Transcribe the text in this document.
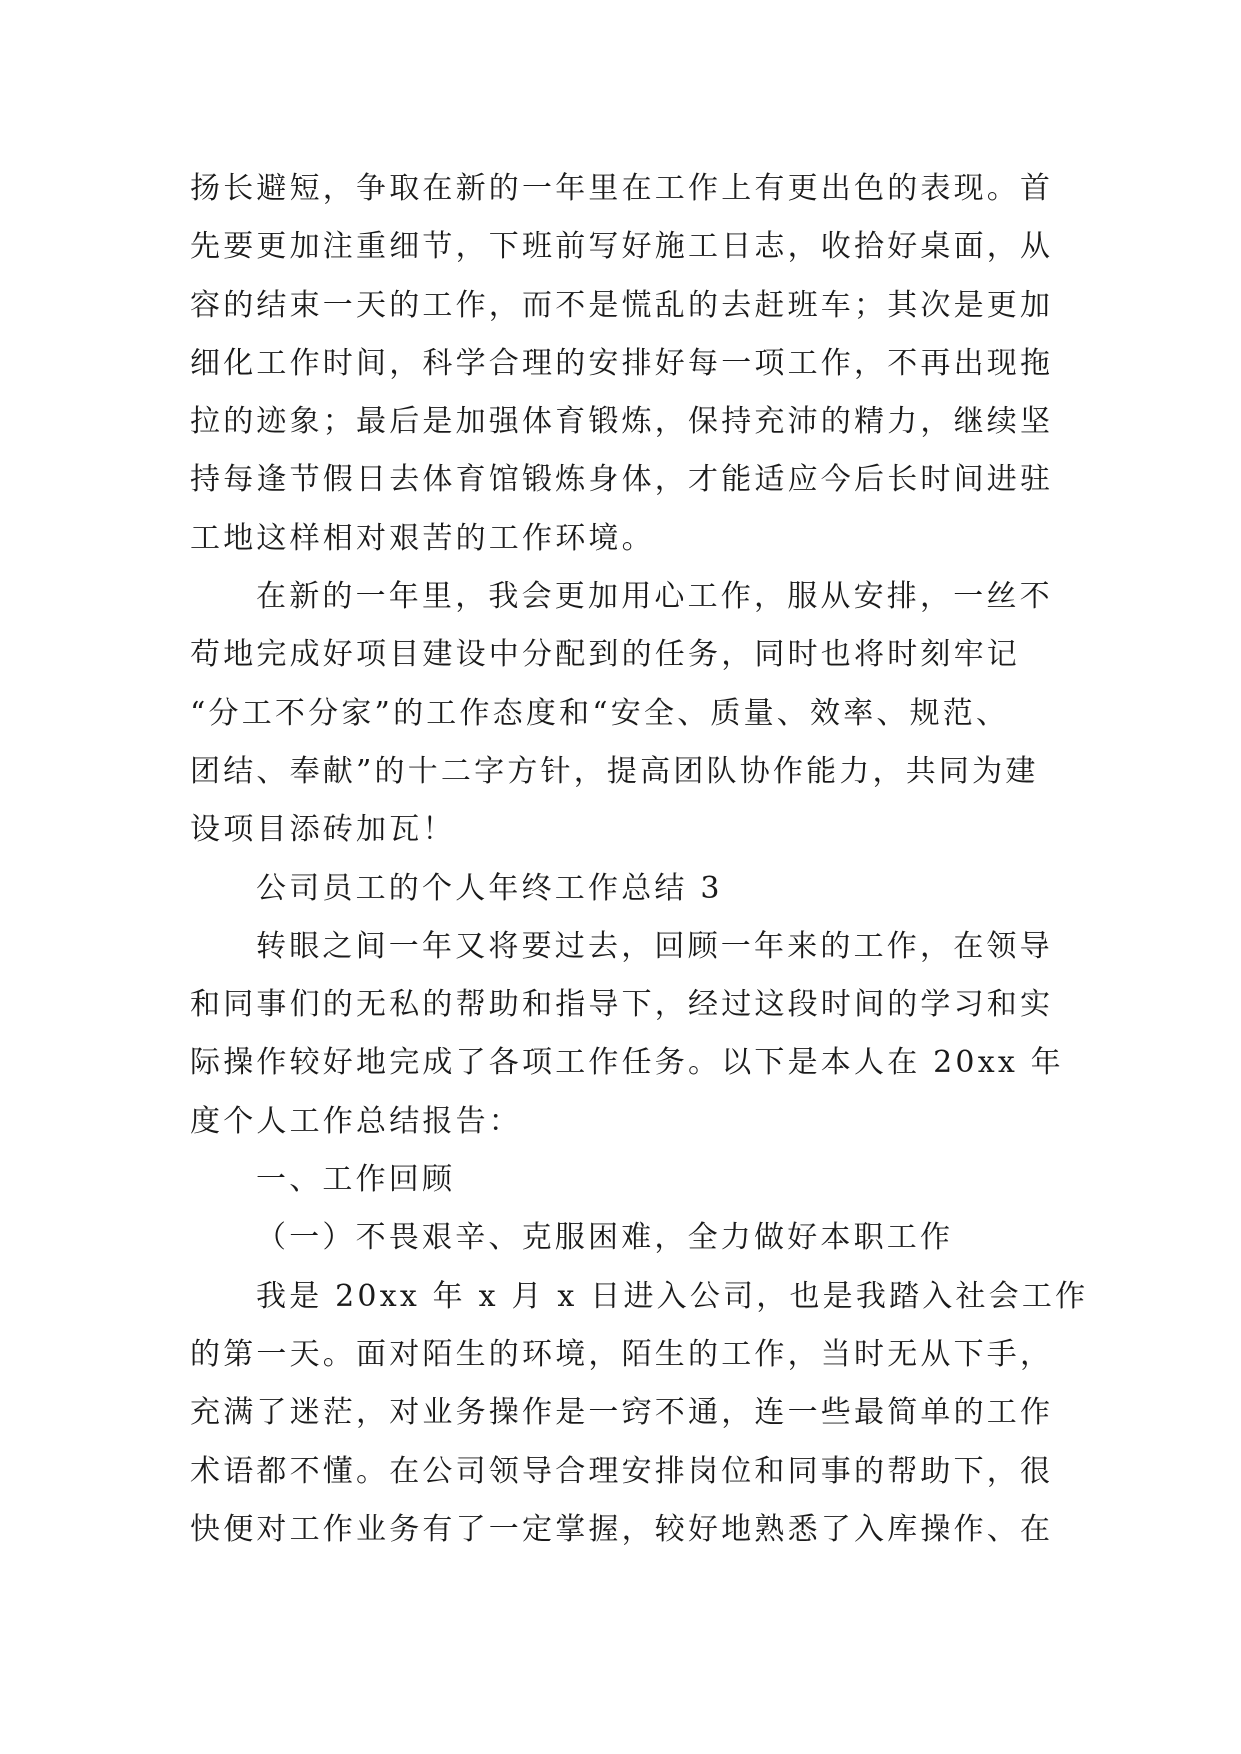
扬长避短，争取在新的一年里在工作上有更出色的表现。首
先要更加注重细节，下班前写好施工日志，收拾好桌面，从
容的结束一天的工作，而不是慌乱的去赶班车；其次是更加
细化工作时间，科学合理的安排好每一项工作，不再出现拖
拉的迹象；最后是加强体育锻炼，保持充沛的精力，继续坚
持每逢节假日去体育馆锻炼身体，才能适应今后长时间进驻
工地这样相对艰苦的工作环境。
在新的一年里，我会更加用心工作，服从安排，一丝不
苟地完成好项目建设中分配到的任务，同时也将时刻牢记
“分工不分家”的工作态度和“安全、质量、效率、规范、
团结、奉献”的十二字方针，提高团队协作能力，共同为建
设项目添砖加瓦！
公司员工的个人年终工作总结 3
转眼之间一年又将要过去，回顾一年来的工作，在领导
和同事们的无私的帮助和指导下，经过这段时间的学习和实
际操作较好地完成了各项工作任务。以下是本人在 20xx 年
度个人工作总结报告：
一、工作回顾
（一）不畏艰辛、克服困难，全力做好本职工作
我是 20xx 年 x 月 x 日进入公司，也是我踏入社会工作
的第一天。面对陌生的环境，陌生的工作，当时无从下手，
充满了迷茫，对业务操作是一窍不通，连一些最简单的工作
术语都不懂。在公司领导合理安排岗位和同事的帮助下，很
快便对工作业务有了一定掌握，较好地熟悉了入库操作、在
